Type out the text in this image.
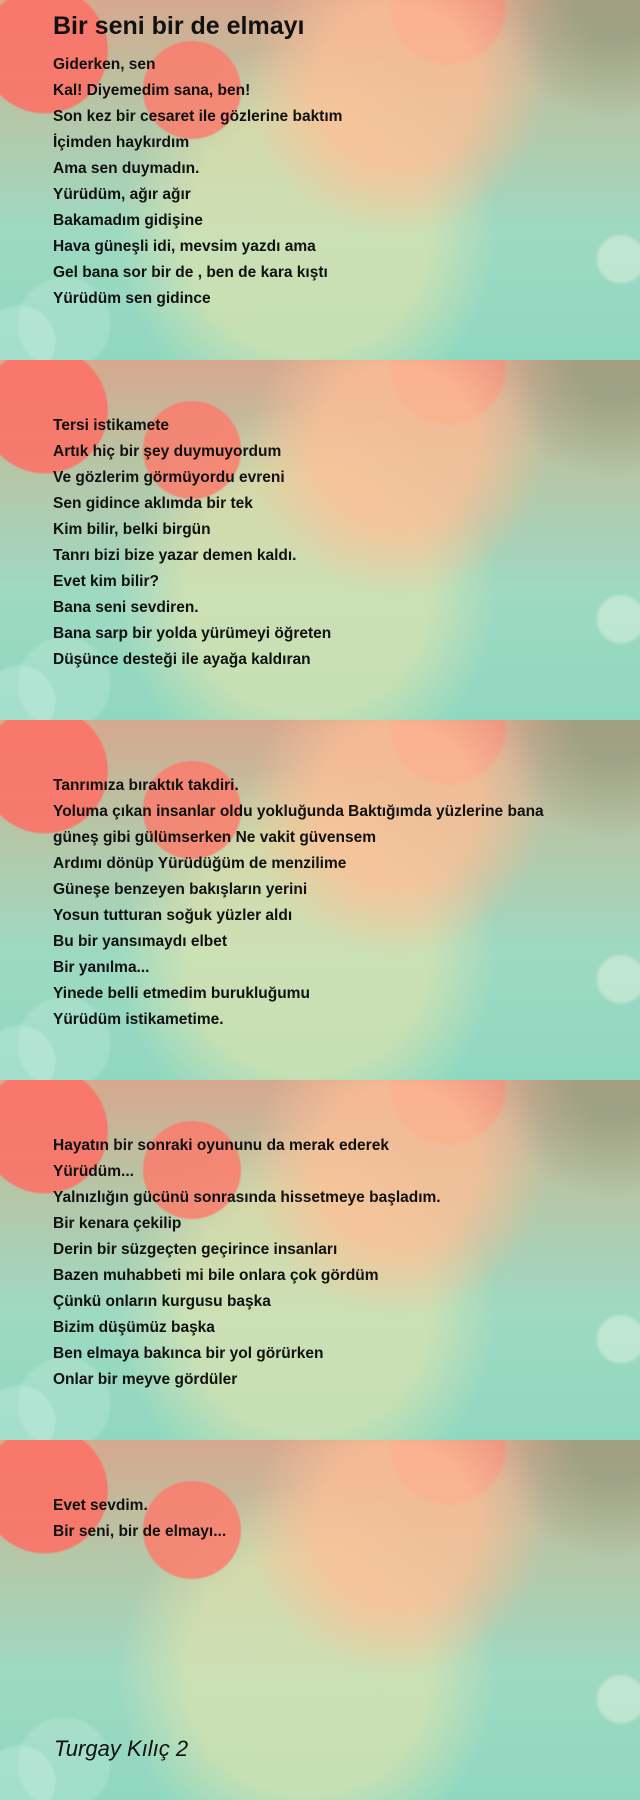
Bir seni bir de elmayı
Giderken, sen
Kal! Diyemedim sana, ben!
Son kez bir cesaret ile gözlerine baktım
İçimden haykırdım
Ama sen duymadın.
Yürüdüm, ağır ağır
Bakamadım gidişine
Hava güneşli idi, mevsim yazdı ama
Gel bana sor bir de , ben de kara kıştı
Yürüdüm sen gidince
Tersi istikamete
Artık hiç bir şey duymuyordum
Ve gözlerim görmüyordu evreni
Sen gidince aklımda bir tek
Kim bilir, belki birgün
Tanrı bizi bize yazar demen kaldı.
Evet kim bilir?
Bana seni sevdiren.
Bana sarp bir yolda yürümeyi öğreten
Düşünce desteği ile ayağa kaldıran
Tanrımıza bıraktık takdiri.
Yoluma çıkan insanlar oldu yokluğunda Baktığımda yüzlerine bana
güneş gibi gülümserken Ne vakit güvensem
Ardımı dönüp Yürüdüğüm de menzilime
Güneşe benzeyen bakışların yerini
Yosun tutturan soğuk yüzler aldı
Bu bir yansımaydı elbet
Bir yanılma...
Yinede belli etmedim burukluğumu
Yürüdüm istikametime.
Hayatın bir sonraki oyununu da merak ederek
Yürüdüm...
Yalnızlığın gücünü sonrasında hissetmeye başladım.
Bir kenara çekilip
Derin bir süzgeçten geçirince insanları
Bazen muhabbeti mi bile onlara çok gördüm
Çünkü onların kurgusu başka
Bizim düşümüz başka
Ben elmaya bakınca bir yol görürken
Onlar bir meyve gördüler
Evet sevdim.
Bir seni, bir de elmayı...

Turgay Kılıç 2
